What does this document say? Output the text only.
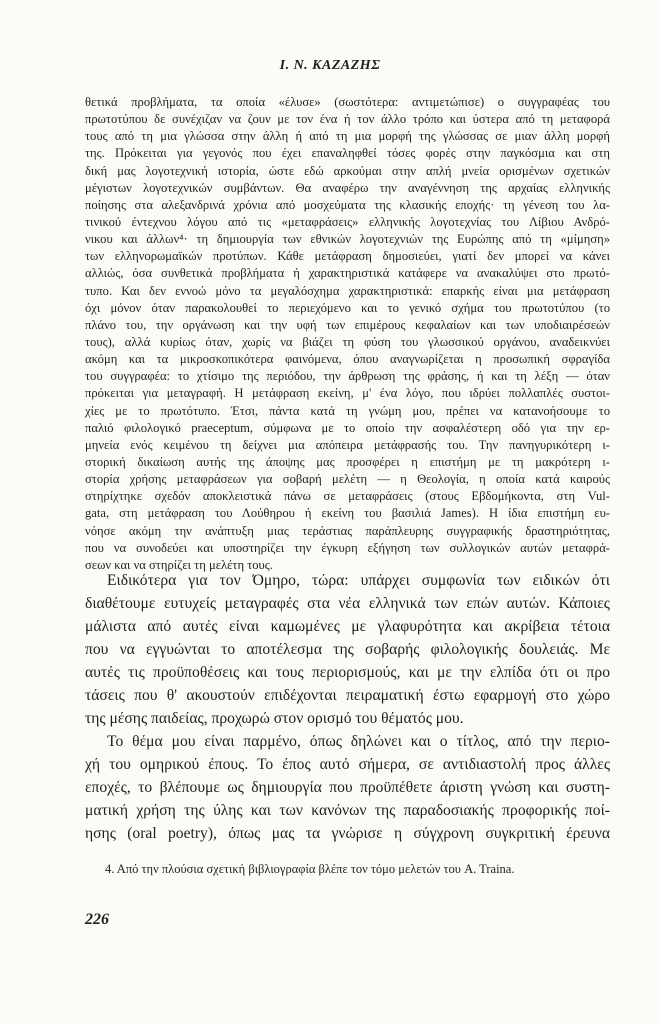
I. N. ΚΑΖΑΖΗΣ
θετικά προβλήματα, τα οποία «έλυσε» (σωστότερα: αντιμετώπισε) ο συγγραφέας του
πρωτοτύπου δε συνέχιζαν να ζουν με τον ένα ή τον άλλο τρόπο και ύστερα από τη μεταφορά
τους από τη μια γλώσσα στην άλλη ή από τη μια μορφή της γλώσσας σε μιαν άλλη μορφή
της. Πρόκειται για γεγονός που έχει επαναληφθεί τόσες φορές στην παγκόσμια και στη
δική μας λογοτεχνική ιστορία, ώστε εδώ αρκούμαι στην απλή μνεία ορισμένων σχετικών
μέγιστων λογοτεχνικών συμβάντων. Θα αναφέρω την αναγέννηση της αρχαίας ελληνικής
ποίησης στα αλεξανδρινά χρόνια από μοσχεύματα της κλασικής εποχής· τη γένεση του λα-
τινικού έντεχνου λόγου από τις «μεταφράσεις» ελληνικής λογοτεχνίας του Λίβιου Ανδρό-
νικου και άλλων⁴· τη δημιουργία των εθνικών λογοτεχνιών της Ευρώπης από τη «μίμηση»
των ελληνορωμαϊκών προτύπων. Κάθε μετάφραση δημοσιεύει, γιατί δεν μπορεί να κάνει
αλλιώς, όσα συνθετικά προβλήματα ή χαρακτηριστικά κατάφερε να ανακαλύψει στο πρωτό-
τυπο. Και δεν εννοώ μόνο τα μεγαλόσχημα χαρακτηριστικά: επαρκής είναι μια μετάφραση
όχι μόνον όταν παρακολουθεί το περιεχόμενο και το γενικό σχήμα του πρωτοτύπου (το
πλάνο του, την οργάνωση και την υφή των επιμέρους κεφαλαίων και των υποδιαιρέσεών
τους), αλλά κυρίως όταν, χωρίς να βιάζει τη φύση του γλωσσικού οργάνου, αναδεικνύει
ακόμη και τα μικροσκοπικότερα φαινόμενα, όπου αναγνωρίζεται η προσωπική σφραγίδα
του συγγραφέα: το χτίσιμο της περιόδου, την άρθρωση της φράσης, ή και τη λέξη — όταν
πρόκειται για μεταγραφή. Η μετάφραση εκείνη, μ' ένα λόγο, που ιδρύει πολλαπλές συστοι-
χίες με το πρωτότυπο. Έτσι, πάντα κατά τη γνώμη μου, πρέπει να κατανοήσουμε το
παλιό φιλολογικό praeceptum, σύμφωνα με το οποίο την ασφαλέστερη οδό για την ερ-
μηνεία ενός κειμένου τη δείχνει μια απόπειρα μετάφρασής του. Την πανηγυρικότερη ι-
στορική δικαίωση αυτής της άποψης μας προσφέρει η επιστήμη με τη μακρότερη ι-
στορία χρήσης μεταφράσεων για σοβαρή μελέτη — η Θεολογία, η οποία κατά καιρούς
στηρίχτηκε σχεδόν αποκλειστικά πάνω σε μεταφράσεις (στους Εβδομήκοντα, στη Vul-
gata, στη μετάφραση του Λούθηρου ή εκείνη του βασιλιά James). Η ίδια επιστήμη ευ-
νόησε ακόμη την ανάπτυξη μιας τεράστιας παράπλευρης συγγραφικής δραστηριότητας,
που να συνοδεύει και υποστηρίζει την έγκυρη εξήγηση των συλλογικών αυτών μεταφρά-
σεων και να στηρίζει τη μελέτη τους.
Ειδικότερα για τον Όμηρο, τώρα: υπάρχει συμφωνία των ειδικών ότι
διαθέτουμε ευτυχείς μεταγραφές στα νέα ελληνικά των επών αυτών. Κάποιες
μάλιστα από αυτές είναι καμωμένες με γλαφυρότητα και ακρίβεια τέτοια
που να εγγυώνται το αποτέλεσμα της σοβαρής φιλολογικής δουλειάς. Με
αυτές τις προϋποθέσεις και τους περιορισμούς, και με την ελπίδα ότι οι προ
τάσεις που θ' ακουστούν επιδέχονται πειραματική έστω εφαρμογή στο χώρο
της μέσης παιδείας, προχωρώ στον ορισμό του θέματός μου.
Το θέμα μου είναι παρμένο, όπως δηλώνει και ο τίτλος, από την περιο-
χή του ομηρικού έπους. Το έπος αυτό σήμερα, σε αντιδιαστολή προς άλλες
εποχές, το βλέπουμε ως δημιουργία που προϋπέθετε άριστη γνώση και συστη-
ματική χρήση της ύλης και των κανόνων της παραδοσιακής προφορικής ποί-
ησης (oral poetry), όπως μας τα γνώρισε η σύγχρονη συγκριτική έρευνα
4. Από την πλούσια σχετική βιβλιογραφία βλέπε τον τόμο μελετών του A. Traina.
226
